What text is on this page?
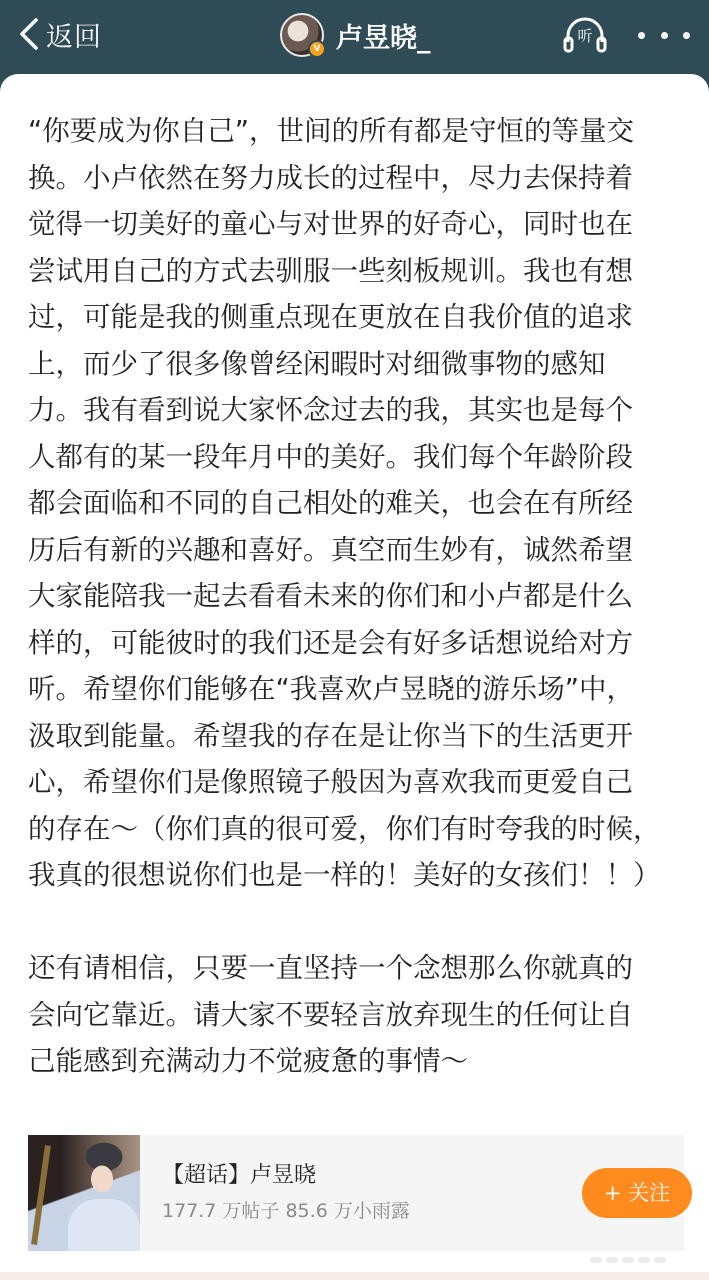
返回	V 卢昱晓_	听

“你要成为你自己”，世间的所有都是守恒的等量交

换。小卢依然在努力成长的过程中，尽力去保持着

觉得一切美好的童心与对世界的好奇心，同时也在

尝试用自己的方式去驯服一些刻板规训。我也有想

过，可能是我的侧重点现在更放在自我价值的追求

上，而少了很多像曾经闲暇时对细微事物的感知

力。我有看到说大家怀念过去的我，其实也是每个

人都有的某一段年月中的美好。我们每个年龄阶段

都会面临和不同的自己相处的难关，也会在有所经

历后有新的兴趣和喜好。真空而生妙有，诚然希望

大家能陪我一起去看看未来的你们和小卢都是什么

样的，可能彼时的我们还是会有好多话想说给对方

听。希望你们能够在“我喜欢卢昱晓的游乐场”中，

汲取到能量。希望我的存在是让你当下的生活更开

心，希望你们是像照镜子般因为喜欢我而更爱自己

的存在～（你们真的很可爱，你们有时夸我的时候，

我真的很想说你们也是一样的！美好的女孩们！！）

还有请相信，只要一直坚持一个念想那么你就真的

会向它靠近。请大家不要轻言放弃现生的任何让自

己能感到充满动力不觉疲惫的事情～

【超话】卢昱晓
177.7 万帖子 85.6 万小雨露
+ 关注
